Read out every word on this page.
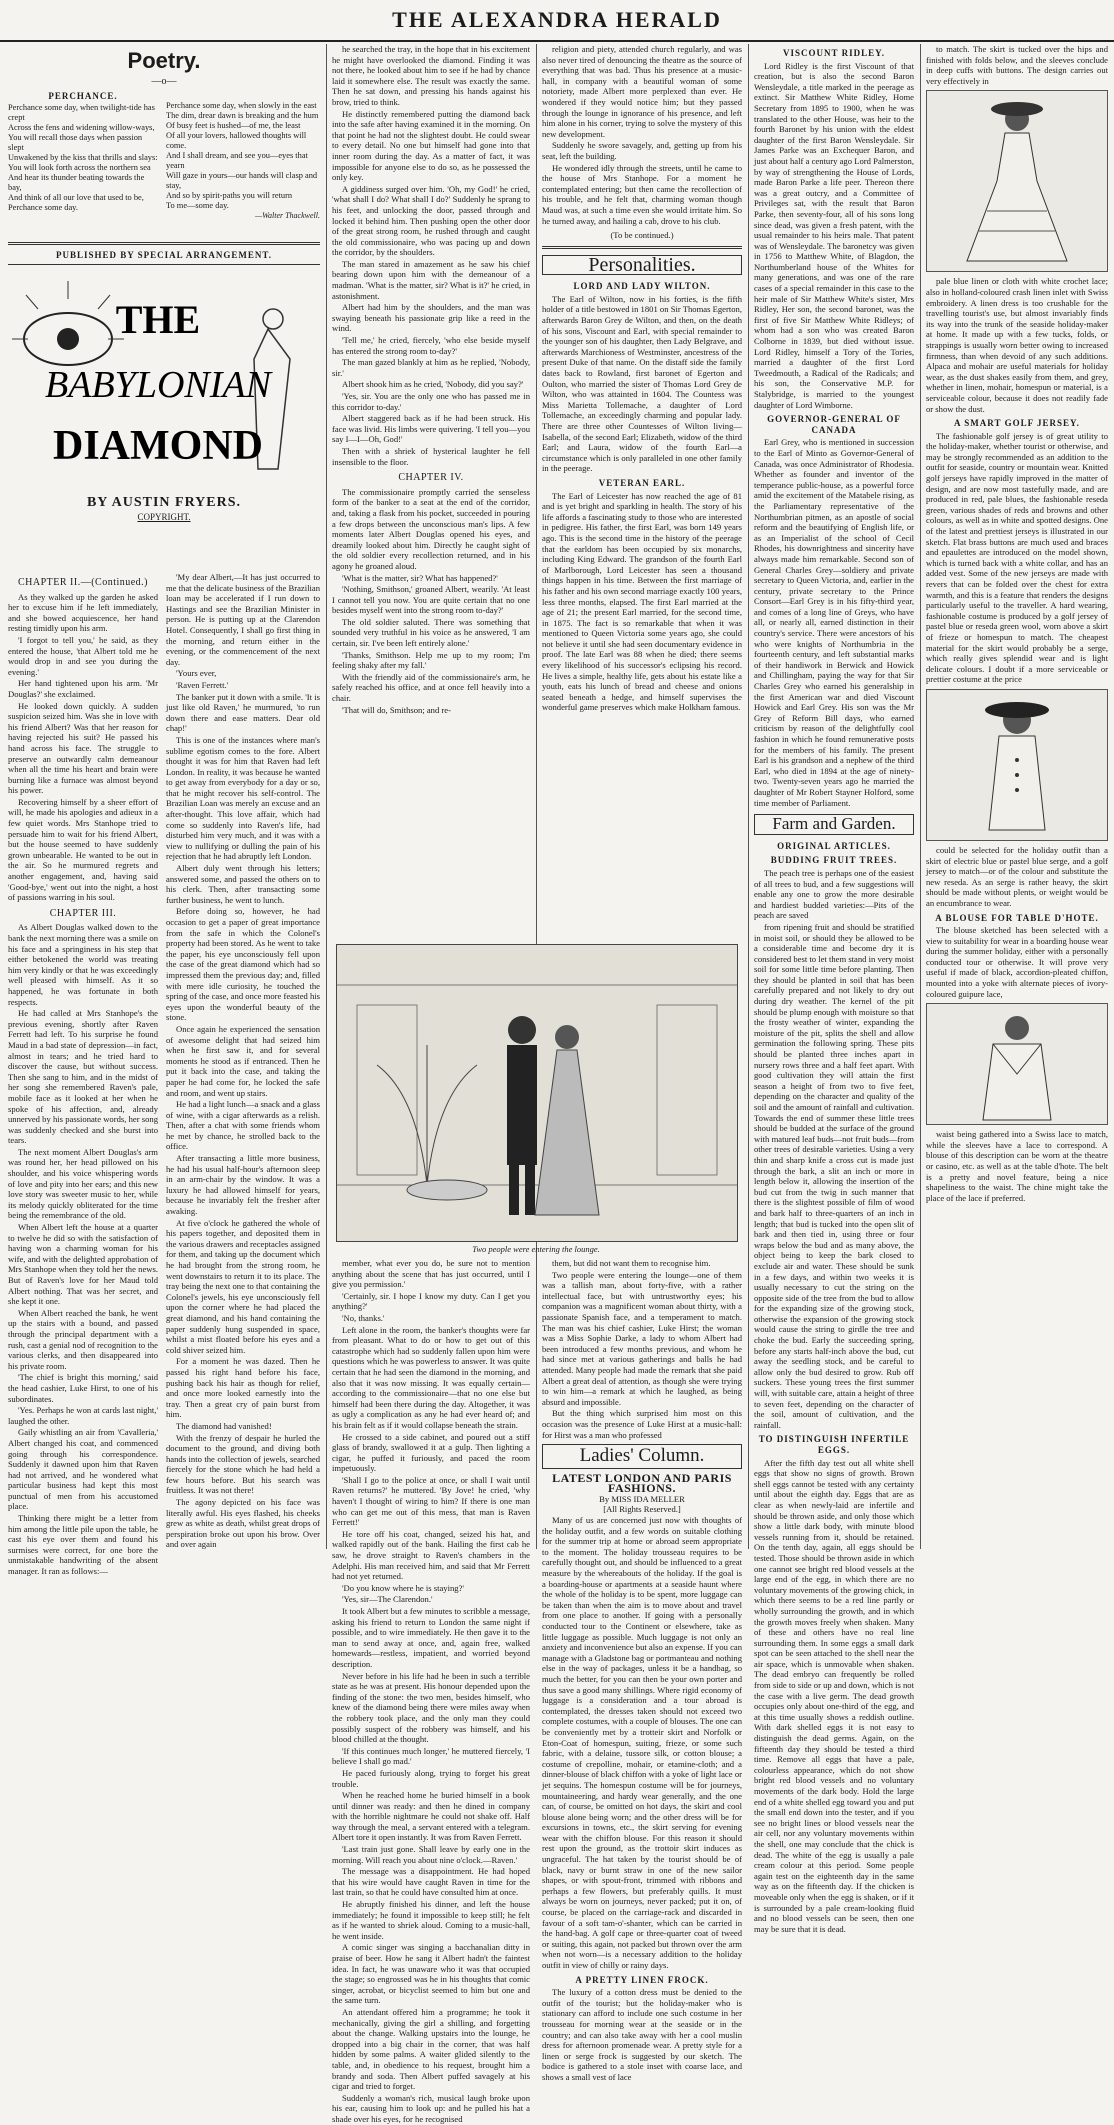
THE ALEXANDRA HERALD
Poetry.
—o—
PERCHANCE.
Perchance some day, when twilight-tide has crept
Across the fens and widening willow-ways,
You will recall those days when passion slept
Unwakened by the kiss that thrills and slays:
You will look forth across the northern sea
And hear its thunder beating towards the bay,
And think of all our love that used to be,
Perchance some day.
Perchance some day, when slowly in the east
The dim, drear dawn is breaking and the hum
Of busy feet is hushed—of me, the least
Of all your lovers, hallowed thoughts will come.
And I shall dream, and see you—eyes that yearn
Will gaze in yours—our hands will clasp and stay,
And so by spirit-paths you will return
To me—some day.
—Walter Thackwell.
PUBLISHED BY SPECIAL ARRANGEMENT.
THE
BABYLONIAN
DIAMOND
BY AUSTIN FRYERS.
COPYRIGHT.
CHAPTER II.—(Continued.)

As they walked up the garden he asked her to excuse him if he left immediately, and she bowed acquiescence, her hand resting timidly upon his arm.

'I forgot to tell you,' he said, as they entered the house, 'that Albert told me he would drop in and see you during the evening.'

Her hand tightened upon his arm. 'Mr Douglas?' she exclaimed.

He looked down quickly. A sudden suspicion seized him. Was she in love with his friend Albert? Was that her reason for having rejected his suit? He passed his hand across his face. The struggle to preserve an outwardly calm demeanour when all the time his heart and brain were burning like a furnace was almost beyond his power.

Recovering himself by a sheer effort of will, he made his apologies and adieux in a few quiet words. Mrs Stanhope tried to persuade him to wait for his friend Albert, but the house seemed to have suddenly grown unbearable. He wanted to be out in the air. So he murmured regrets and another engagement, and, having said 'Good-bye,' went out into the night, a host of passions warring in his soul.

CHAPTER III.

As Albert Douglas walked down to the bank the next morning there was a smile on his face and a springiness in his step that either betokened the world was treating him very kindly or that he was exceedingly well pleased with himself. As it so happened, he was fortunate in both respects.

He had called at Mrs Stanhope's the previous evening, shortly after Raven Ferrett had left. To his surprise he found Maud in a bad state of depression—in fact, almost in tears; and he tried hard to discover the cause, but without success. Then she sang to him, and in the midst of her song she remembered Raven's pale, mobile face as it looked at her when he spoke of his affection, and, already unnerved by his passionate words, her song was suddenly checked and she burst into tears.

The next moment Albert Douglas's arm was round her, her head pillowed on his shoulder, and his voice whispering words of love and pity into her ears; and this new love story was sweeter music to her, while its melody quickly obliterated for the time being the remembrance of the old.

When Albert left the house at a quarter to twelve he did so with the satisfaction of having won a charming woman for his wife, and with the delighted approbation of Mrs Stanhope when they told her the news. But of Raven's love for her Maud told Albert nothing. That was her secret, and she kept it one.

When Albert reached the bank, he went up the stairs with a bound, and passed through the principal department with a rush, cast a genial nod of recognition to the various clerks, and then disappeared into his private room.

'The chief is bright this morning,' said the head cashier, Luke Hirst, to one of his subordinates.

'Yes. Perhaps he won at cards last night,' laughed the other.

Gaily whistling an air from 'Cavalleria,' Albert changed his coat, and commenced going through his correspondence. Suddenly it dawned upon him that Raven had not arrived, and he wondered what particular business had kept this most punctual of men from his accustomed place.

Thinking there might be a letter from him among the little pile upon the table, he cast his eye over them and found his surmises were correct, for one bore the unmistakable handwriting of the absent manager. It ran as follows:—

'My dear Albert,—It has just occurred to me that the delicate business of the Brazilian loan may be accelerated if I run down to Hastings and see the Brazilian Minister in person. He is putting up at the Clarendon Hotel. Consequently, I shall go first thing in the morning, and return either in the evening, or the commencement of the next day.

'Yours ever,

'Raven Ferrett.'

The banker put it down with a smile. 'It is just like old Raven,' he murmured, 'to run down there and ease matters. Dear old chap!'

This is one of the instances where man's sublime egotism comes to the fore. Albert thought it was for him that Raven had left London. In reality, it was because he wanted to get away from everybody for a day or so, that he might recover his self-control. The Brazilian Loan was merely an excuse and an after-thought. This love affair, which had come so suddenly into Raven's life, had disturbed him very much, and it was with a view to nullifying or dulling the pain of his rejection that he had abruptly left London.

Albert duly went through his letters; answered some, and passed the others on to his clerk. Then, after transacting some further business, he went to lunch.

Before doing so, however, he had occasion to get a paper of great importance from the safe in which the Colonel's property had been stored. As he went to take the paper, his eye unconsciously fell upon the case of the great diamond which had so impressed them the previous day; and, filled with mere idle curiosity, he touched the spring of the case, and once more feasted his eyes upon the wonderful beauty of the stone.

Once again he experienced the sensation of awesome delight that had seized him when he first saw it, and for several moments he stood as if entranced. Then he put it back into the case, and taking the paper he had come for, he locked the safe and room, and went up stairs.

He had a light lunch—a snack and a glass of wine, with a cigar afterwards as a relish. Then, after a chat with some friends whom he met by chance, he strolled back to the office.

After transacting a little more business, he had his usual half-hour's afternoon sleep in an arm-chair by the window. It was a luxury he had allowed himself for years, because he invariably felt the fresher after awaking.

At five o'clock he gathered the whole of his papers together, and deposited them in the various drawers and receptacles assigned for them, and taking up the document which he had brought from the strong room, he went downstairs to return it to its place. The tray being the next one to that containing the Colonel's jewels, his eye unconsciously fell upon the corner where he had placed the great diamond, and his hand containing the paper suddenly hung suspended in space, whilst a mist floated before his eyes and a cold shiver seized him.

For a moment he was dazed. Then he passed his right hand before his face, pushing back his hair as though for relief, and once more looked earnestly into the tray. Then a great cry of pain burst from him.

The diamond had vanished!

With the frenzy of despair he hurled the document to the ground, and diving both hands into the collection of jewels, searched fiercely for the stone which he had held a few hours before. But his search was fruitless. It was not there!

The agony depicted on his face was literally awful. His eyes flashed, his cheeks grew as white as death, whilst great drops of perspiration broke out upon his brow. Over and over again

he searched the tray, in the hope that in his excitement he might have overlooked the diamond. Finding it was not there, he looked about him to see if he had by chance laid it somewhere else. The result was exactly the same. Then he sat down, and pressing his hands against his brow, tried to think.

He distinctly remembered putting the diamond back into the safe after having examined it in the morning. On that point he had not the slightest doubt. He could swear to every detail. No one but himself had gone into that inner room during the day. As a matter of fact, it was impossible for anyone else to do so, as he possessed the only key.

A giddiness surged over him. 'Oh, my God!' he cried, 'what shall I do? What shall I do?' Suddenly he sprang to his feet, and unlocking the door, passed through and locked it behind him. Then pushing open the other door of the great strong room, he rushed through and caught the old commissionaire, who was pacing up and down the corridor, by the shoulders.

The man stared in amazement as he saw his chief bearing down upon him with the demeanour of a madman. 'What is the matter, sir? What is it?' he cried, in astonishment.

Albert had him by the shoulders, and the man was swaying beneath his passionate grip like a reed in the wind.

'Tell me,' he cried, fiercely, 'who else beside myself has entered the strong room to-day?'

The man gazed blankly at him as he replied, 'Nobody, sir.'

Albert shook him as he cried, 'Nobody, did you say?'

'Yes, sir. You are the only one who has passed me in this corridor to-day.'

Albert staggered back as if he had been struck. His face was livid. His limbs were quivering. 'I tell you—you say I—I—Oh, God!'

Then with a shriek of hysterical laughter he fell insensible to the floor.

CHAPTER IV.

The commissionaire promptly carried the senseless form of the banker to a seat at the end of the corridor, and, taking a flask from his pocket, succeeded in pouring a few drops between the unconscious man's lips. A few moments later Albert Douglas opened his eyes, and dreamily looked about him. Directly he caught sight of the old soldier every recollection returned, and in his agony he groaned aloud.

'What is the matter, sir? What has happened?'

'Nothing, Smithson,' groaned Albert, wearily. 'At least I cannot tell you now. You are quite certain that no one besides myself went into the strong room to-day?'

The old soldier saluted. There was something that sounded very truthful in his voice as he answered, 'I am certain, sir. I've been left entirely alone.'

'Thanks, Smithson. Help me up to my room; I'm feeling shaky after my fall.'

With the friendly aid of the commissionaire's arm, he safely reached his office, and at once fell heavily into a chair.

'That will do, Smithson; and re-

Two people were entering the lounge.

member, what ever you do, be sure not to mention anything about the scene that has just occurred, until I give you permission.'

'Certainly, sir. I hope I know my duty. Can I get you anything?'

'No, thanks.'

Left alone in the room, the banker's thoughts were far from pleasant. What to do or how to get out of this catastrophe which had so suddenly fallen upon him were questions which he was powerless to answer. It was quite certain that he had seen the diamond in the morning, and also that it was now missing. It was equally certain—according to the commissionaire—that no one else but himself had been there during the day. Altogether, it was as ugly a complication as any he had ever heard of; and his brain felt as if it would collapse beneath the strain.

He crossed to a side cabinet, and poured out a stiff glass of brandy, swallowed it at a gulp. Then lighting a cigar, he puffed it furiously, and paced the room impetuously.

'Shall I go to the police at once, or shall I wait until Raven returns?' he muttered. 'By Jove! he cried, 'why haven't I thought of wiring to him? If there is one man who can get me out of this mess, that man is Raven Ferrett!'

He tore off his coat, changed, seized his hat, and walked rapidly out of the bank. Hailing the first cab he saw, he drove straight to Raven's chambers in the Adelphi. His man received him, and said that Mr Ferrett had not yet returned.

'Do you know where he is staying?'

'Yes, sir—The Clarendon.'

It took Albert but a few minutes to scribble a message, asking his friend to return to London the same night if possible, and to wire immediately. He then gave it to the man to send away at once, and, again free, walked homewards—restless, impatient, and worried beyond description.

Never before in his life had he been in such a terrible state as he was at present. His honour depended upon the finding of the stone: the two men, besides himself, who knew of the diamond being there were miles away when the robbery took place, and the only man they could possibly suspect of the robbery was himself, and his blood chilled at the thought.

'If this continues much longer,' he muttered fiercely, 'I believe I shall go mad.'

He paced furiously along, trying to forget his great trouble.

When he reached home he buried himself in a book until dinner was ready: and then he dined in company with the horrible nightmare he could not shake off. Half way through the meal, a servant entered with a telegram. Albert tore it open instantly. It was from Raven Ferrett.

'Last train just gone. Shall leave by early one in the morning. Will reach you about nine o'clock.—Raven.'

The message was a disappointment. He had hoped that his wire would have caught Raven in time for the last train, so that he could have consulted him at once.

He abruptly finished his dinner, and left the house immediately; he found it impossible to keep still; he felt as if he wanted to shriek aloud. Coming to a music-hall, he went inside.

A comic singer was singing a bacchanalian ditty in praise of beer. How he sang it Albert hadn't the faintest idea. In fact, he was unaware who it was that occupied the stage; so engrossed was he in his thoughts that comic singer, acrobat, or bicyclist seemed to him but one and the same turn.

An attendant offered him a programme; he took it mechanically, giving the girl a shilling, and forgetting about the change. Walking upstairs into the lounge, he dropped into a big chair in the corner, that was half hidden by some palms. A waiter glided silently to the table, and, in obedience to his request, brought him a brandy and soda. Then Albert puffed savagely at his cigar and tried to forget.

Suddenly a woman's rich, musical laugh broke upon his ear, causing him to look up: and he pulled his hat a shade over his eyes, for he recognised

religion and piety, attended church regularly, and was also never tired of denouncing the theatre as the source of everything that was bad. Thus his presence at a music-hall, in company with a beautiful woman of some notoriety, made Albert more perplexed than ever. He wondered if they would notice him; but they passed through the lounge in ignorance of his presence, and left him alone in his corner, trying to solve the mystery of this new development.

Suddenly he swore savagely, and, getting up from his seat, left the building.

He wondered idly through the streets, until he came to the house of Mrs Stanhope. For a moment he contemplated entering; but then came the recollection of his trouble, and he felt that, charming woman though Maud was, at such a time even she would irritate him. So he turned away, and hailing a cab, drove to his club.

(To be continued.)
Personalities.
LORD AND LADY WILTON.

The Earl of Wilton, now in his forties, is the fifth holder of a title bestowed in 1801 on Sir Thomas Egerton, afterwards Baron Grey de Wilton, and then, on the death of his sons, Viscount and Earl, with special remainder to the younger son of his daughter, then Lady Belgrave, and afterwards Marchioness of Westminster, ancestress of the present Duke of that name. On the distaff side the family dates back to Rowland, first baronet of Egerton and Oulton, who married the sister of Thomas Lord Grey de Wilton, who was attainted in 1604. The Countess was Miss Marietta Tollemache, a daughter of Lord Tollemache, an exceedingly charming and popular lady. There are three other Countesses of Wilton living—Isabella, of the second Earl; Elizabeth, widow of the third Earl; and Laura, widow of the fourth Earl—a circumstance which is only paralleled in one other family in the peerage.

VETERAN EARL.

The Earl of Leicester has now reached the age of 81 and is yet bright and sparkling in health. The story of his life affords a fascinating study to those who are interested in pedigree. His father, the first Earl, was born 149 years ago. This is the second time in the history of the peerage that the earldom has been occupied by six monarchs, including King Edward. The grandson of the fourth Earl of Marlborough, Lord Leicester has seen a thousand things happen in his time. Between the first marriage of his father and his own second marriage exactly 100 years, less three months, elapsed. The first Earl married at the age of 21; the present Earl married, for the second time, in 1875. The fact is so remarkable that when it was mentioned to Queen Victoria some years ago, she could not believe it until she had seen documentary evidence in proof. The late Earl was 88 when he died; there seems every likelihood of his successor's eclipsing his record. He lives a simple, healthy life, gets about his estate like a youth, eats his lunch of bread and cheese and onions seated beneath a hedge, and himself supervises the wonderful game preserves which make Holkham famous.

them, but did not want them to recognise him.

Two people were entering the lounge—one of them was a tallish man, about forty-five, with a rather intellectual face, but with untrustworthy eyes; his companion was a magnificent woman about thirty, with a passionate Spanish face, and a temperament to match. The man was his chief cashier, Luke Hirst; the woman was a Miss Sophie Darke, a lady to whom Albert had been introduced a few months previous, and whom he had since met at various gatherings and balls he had attended. Many people had made the remark that she paid Albert a great deal of attention, as though she were trying to win him—a remark at which he laughed, as being absurd and impossible.

But the thing which surprised him most on this occasion was the presence of Luke Hirst at a music-hall: for Hirst was a man who professed

Ladies' Column.
LATEST LONDON AND PARIS FASHIONS.
By MISS IDA MELLER
[All Rights Reserved.]

Many of us are concerned just now with thoughts of the holiday outfit, and a few words on suitable clothing for the summer trip at home or abroad seem appropriate to the moment. The holiday trousseau requires to be carefully thought out, and should be influenced to a great measure by the whereabouts of the holiday. If the goal is a boarding-house or apartments at a seaside haunt where the whole of the holiday is to be spent, more luggage can be taken than when the aim is to move about and travel from one place to another. If going with a personally conducted tour to the Continent or elsewhere, take as little luggage as possible. Much luggage is not only an anxiety and inconvenience but also an expense. If you can manage with a Gladstone bag or portmanteau and nothing else in the way of packages, unless it be a handbag, so much the better, for you can then be your own porter and thus save a good many shillings. Where rigid economy of luggage is a consideration and a tour abroad is contemplated, the dresses taken should not exceed two complete costumes, with a couple of blouses. The one can be conveniently met by a trotteir skirt and Norfolk or Eton-Coat of homespun, suiting, frieze, or some such fabric, with a delaine, tussore silk, or cotton blouse; a costume of crepolline, mohair, or etamine-cloth; and a dinner-blouse of black chiffon with a yoke of light lace or jet sequins. The homespun costume will be for journeys, mountaineering, and hardy wear generally, and the one can, of course, be omitted on hot days, the skirt and cool blouse alone being worn; and the other dress will be for excursions in towns, etc., the skirt serving for evening wear with the chiffon blouse. For this reason it should rest upon the ground, as the trottoir skirt induces as ungraceful. The hat taken by the tourist should be of black, navy or burnt straw in one of the new sailor shapes, or with spout-front, trimmed with ribbons and perhaps a few flowers, but preferably quills. It must always be worn on journeys, never packed; put it on, of course, be placed on the carriage-rack and discarded in favour of a soft tam-o'-shanter, which can be carried in the hand-bag. A golf cape or three-quarter coat of tweed or suiting, this again, not packed but thrown over the arm when not worn—is a necessary addition to the holiday outfit in view of chilly or rainy days.

A PRETTY LINEN FROCK.

The luxury of a cotton dress must be denied to the outfit of the tourist; but the holiday-maker who is stationary can afford to include one such costume in her trousseau for morning wear at the seaside or in the country; and can also take away with her a cool muslin dress for afternoon promenade wear. A pretty style for a linen or serge frock is suggested by our sketch. The bodice is gathered to a stole inset with coarse lace, and shows a small vest of lace

VISCOUNT RIDLEY.

Lord Ridley is the first Viscount of that creation, but is also the second Baron Wensleydale, a title marked in the peerage as extinct. Sir Matthew White Ridley, Home Secretary from 1895 to 1900, when he was translated to the other House, was heir to the fourth Baronet by his union with the eldest daughter of the first Baron Wensleydale. Sir James Parke was an Exchequer Baron, and just about half a century ago Lord Palmerston, by way of strengthening the House of Lords, made Baron Parke a life peer. Thereon there was a great outcry, and a Committee of Privileges sat, with the result that Baron Parke, then seventy-four, all of his sons long since dead, was given a fresh patent, with the usual remainder to his heirs male. That patent was of Wensleydale. The baronetcy was given in 1756 to Matthew White, of Blagdon, the Northumberland house of the Whites for many generations, and was one of the rare cases of a special remainder in this case to the heir male of Sir Matthew White's sister, Mrs Ridley, Her son, the second baronet, was the first of five Sir Matthew White Ridleys; of whom had a son who was created Baron Colborne in 1839, but died without issue. Lord Ridley, himself a Tory of the Tories, married a daughter of the first Lord Tweedmouth, a Radical of the Radicals; and his son, the Conservative M.P. for Stalybridge, is married to the youngest daughter of Lord Wimborne.

GOVERNOR-GENERAL OF CANADA

Earl Grey, who is mentioned in succession to the Earl of Minto as Governor-General of Canada, was once Administrator of Rhodesia. Whether as founder and inventor of the temperance public-house, as a powerful force amid the excitement of the Matabele rising, as the Parliamentary representative of the Northumbrian pitmen, as an apostle of social reform and the beautifying of English life, or as an Imperialist of the school of Cecil Rhodes, his downrightness and sincerity have always made him remarkable. Second son of General Charles Grey—soldiery and private secretary to Queen Victoria, and, earlier in the century, private secretary to the Prince Consort—Earl Grey is in his fifty-third year, and comes of a long line of Greys, who have all, or nearly all, earned distinction in their country's service. There were ancestors of his who were knights of Northumbria in the fourteenth century, and left substantial marks of their handiwork in Berwick and Howick and Chillingham, paying the way for that Sir Charles Grey who earned his generalship in the first American war and died Viscount Howick and Earl Grey. His son was the Mr Grey of Reform Bill days, who earned criticism by reason of the delightfully cool fashion in which he found remunerative posts for the members of his family. The present Earl is his grandson and a nephew of the third Earl, who died in 1894 at the age of ninety-two. Twenty-seven years ago he married the daughter of Mr Robert Stayner Holford, some time member of Parliament.

Farm and Garden.
ORIGINAL ARTICLES.
BUDDING FRUIT TREES.

The peach tree is perhaps one of the easiest of all trees to bud, and a few suggestions will enable any one to grow the more desirable and hardiest budded varieties:—Pits of the peach are saved

from ripening fruit and should be stratified in moist soil, or should they be allowed to be a considerable time and become dry it is considered best to let them stand in very moist soil for some little time before planting. Then they should be planted in soil that has been carefully prepared and not likely to dry out during dry weather. The kernel of the pit should be plump enough with moisture so that the frosty weather of winter, expanding the moisture of the pit, splits the shell and allow germination the following spring. These pits should be planted three inches apart in nursery rows three and a half feet apart. With good cultivation they will attain the first season a height of from two to five feet, depending on the character and quality of the soil and the amount of rainfall and cultivation. Towards the end of summer these little trees should be budded at the surface of the ground with matured leaf buds—not fruit buds—from other trees of desirable varieties. Using a very thin and sharp knife a cross cut is made just through the bark, a slit an inch or more in length below it, allowing the insertion of the bud cut from the twig in such manner that there is the slightest possible of film of wood and bark half to three-quarters of an inch in length; that bud is tucked into the open slit of bark and then tied in, using three or four wraps below the bud and as many above, the object being to keep the bark closed to exclude air and water. These should be sunk in a few days, and within two weeks it is usually necessary to cut the string on the opposite side of the tree from the bud to allow for the expanding size of the growing stock, otherwise the expansion of the growing stock would cause the string to girdle the tree and choke the bud. Early the succeeding spring, before any starts half-inch above the bud, cut away the seedling stock, and be careful to allow only the bud desired to grow. Rub off suckers. These young trees the first summer will, with suitable care, attain a height of three to seven feet, depending on the character of the soil, amount of cultivation, and the rainfall.

TO DISTINGUISH INFERTILE EGGS.

After the fifth day test out all white shell eggs that show no signs of growth. Brown shell eggs cannot be tested with any certainty until about the eighth day. Eggs that are as clear as when newly-laid are infertile and should be thrown aside, and only those which show a little dark body, with minute blood vessels running from it, should be retained. On the tenth day, again, all eggs should be tested. Those should be thrown aside in which one cannot see bright red blood vessels at the large end of the egg, in which there are no voluntary movements of the growing chick, in which there seems to be a red line partly or wholly surrounding the growth, and in which the growth moves freely when shaken. Many of these and others have no real line surrounding them. In some eggs a small dark spot can be seen attached to the shell near the air space, which is unmovable when shaken. The dead embryo can frequently be rolled from side to side or up and down, which is not the case with a live germ. The dead growth occupies only about one-third of the egg, and at this time usually shows a reddish outline. With dark shelled eggs it is not easy to distinguish the dead germs. Again, on the fifteenth day they should be tested a third time. Remove all eggs that have a pale, colourless appearance, which do not show bright red blood vessels and no voluntary movements of the dark body. Hold the large end of a white shelled egg toward you and put the small end down into the tester, and if you see no bright lines or blood vessels near the air cell, nor any voluntary movements within the shell, one may conclude that the chick is dead. The white of the egg is usually a pale cream colour at this period. Some people again test on the eighteenth day in the same way as on the fifteenth day. If the chicken is moveable only when the egg is shaken, or if it is surrounded by a pale cream-looking fluid and no blood vessels can be seen, then one may be sure that it is dead.

to match. The skirt is tucked over the hips and finished with folds below, and the sleeves conclude in deep cuffs with buttons. The design carries out very effectively in

pale blue linen or cloth with white crochet lace; also in holland-coloured crash linen inlet with Swiss embroidery. A linen dress is too crushable for the travelling tourist's use, but almost invariably finds its way into the trunk of the seaside holiday-maker at home. It made up with a few tucks, folds, or strappings is usually worn better owing to increased firmness, than when devoid of any such additions. Alpaca and mohair are useful materials for holiday wear, as the dust shakes easily from them, and grey, whether in linen, mohair, homespun or material, is a serviceable colour, because it does not readily fade or show the dust.

A SMART GOLF JERSEY.

The fashionable golf jersey is of great utility to the holiday-maker, whether tourist or otherwise, and may be strongly recommended as an addition to the outfit for seaside, country or mountain wear. Knitted golf jerseys have rapidly improved in the matter of design, and are now most tastefully made, and are produced in red, pale blues, the fashionable reseda green, various shades of reds and browns and other colours, as well as in white and spotted designs. One of the latest and prettiest jerseys is illustrated in our sketch. Flat brass buttons are much used and braces and epaulettes are introduced on the model shown, which is turned back with a white collar, and has an added vest. Some of the new jerseys are made with revers that can be folded over the chest for extra warmth, and this is a feature that renders the designs particularly useful to the traveller. A hard wearing, fashionable costume is produced by a golf jersey of pastel blue or reseda green wool, worn above a skirt of frieze or homespun to match. The cheapest material for the skirt would probably be a serge, which really gives splendid wear and is light delicate colours. I doubt if a more serviceable or prettier costume at the price

could be selected for the holiday outfit than a skirt of electric blue or pastel blue serge, and a golf jersey to match—or of the colour and substitute the new reseda. As an serge is rather heavy, the skirt should be made without plents, or weight would be an encumbrance to wear.

A BLOUSE FOR TABLE D'HOTE.

The blouse sketched has been selected with a view to suitability for wear in a boarding house wear during the summer holiday, either with a personally conducted tour or otherwise. It will prove very useful if made of black, accordion-pleated chiffon, mounted into a yoke with alternate pieces of ivory-coloured guipure lace,

waist being gathered into a Swiss lace to match, while the sleeves have a lace to correspond. A blouse of this description can be worn at the theatre or casino, etc. as well as at the table d'hote. The belt is a pretty and novel feature, being a nice shapeliness to the waist. The chine might take the place of the lace if preferred.
